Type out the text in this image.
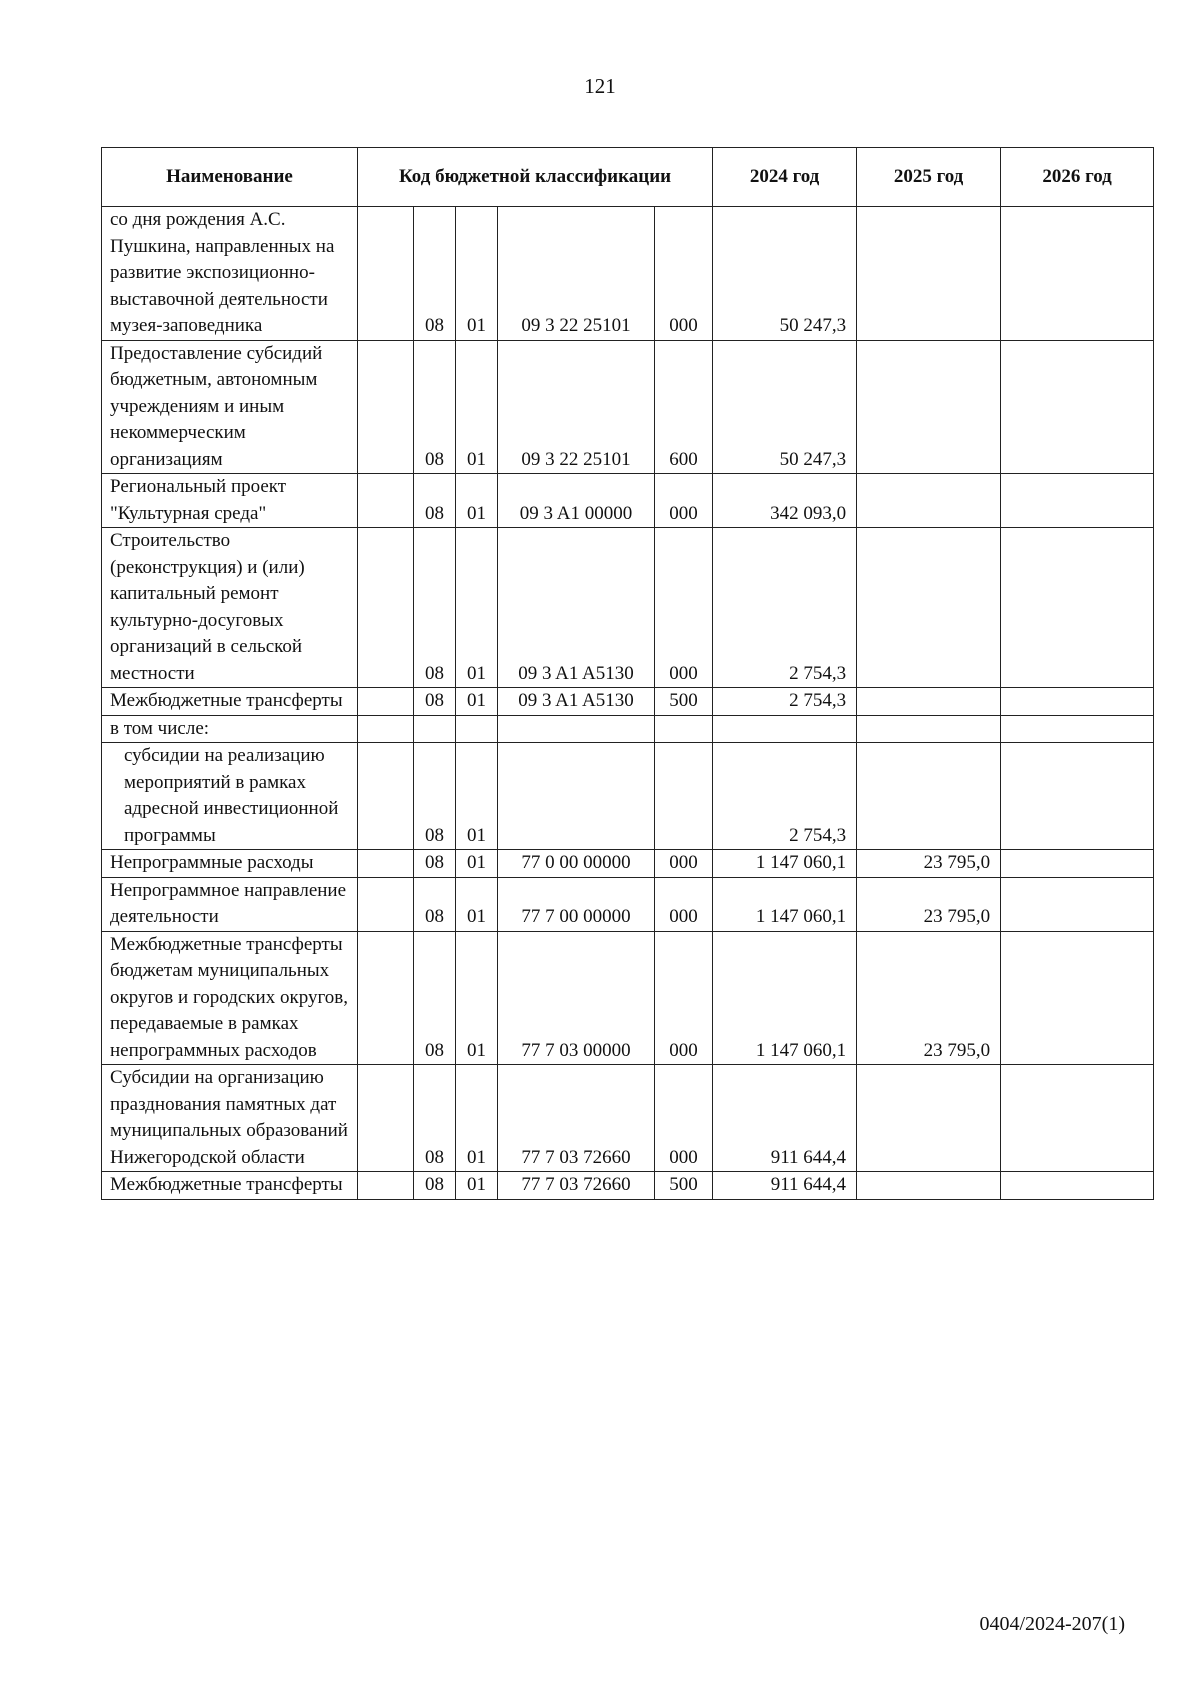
121
Наименование	Код бюджетной классификации					2024 год	2025 год	2026 год
со дня рождения А.С. Пушкина, направленных на развитие экспозиционно-выставочной деятельности музея-заповедника		08	01	09 3 22 25101	000	50 247,3		
Предоставление субсидий бюджетным, автономным учреждениям и иным некоммерческим организациям		08	01	09 3 22 25101	600	50 247,3		
Региональный проект "Культурная среда"		08	01	09 3 A1 00000	000	342 093,0		
Строительство (реконструкция) и (или) капитальный ремонт культурно-досуговых организаций в сельской местности		08	01	09 3 A1 A5130	000	2 754,3		
Межбюджетные трансферты		08	01	09 3 A1 A5130	500	2 754,3		
в том числе:								
субсидии на реализацию мероприятий в рамках адресной инвестиционной программы		08	01			2 754,3		
Непрограммные расходы		08	01	77 0 00 00000	000	1 147 060,1	23 795,0	
Непрограммное направление деятельности		08	01	77 7 00 00000	000	1 147 060,1	23 795,0	
Межбюджетные трансферты бюджетам муниципальных округов и городских округов, передаваемые в рамках непрограммных расходов		08	01	77 7 03 00000	000	1 147 060,1	23 795,0	
Субсидии на организацию празднования памятных дат муниципальных образований Нижегородской области		08	01	77 7 03 72660	000	911 644,4		
Межбюджетные трансферты		08	01	77 7 03 72660	500	911 644,4		
0404/2024-207(1)
